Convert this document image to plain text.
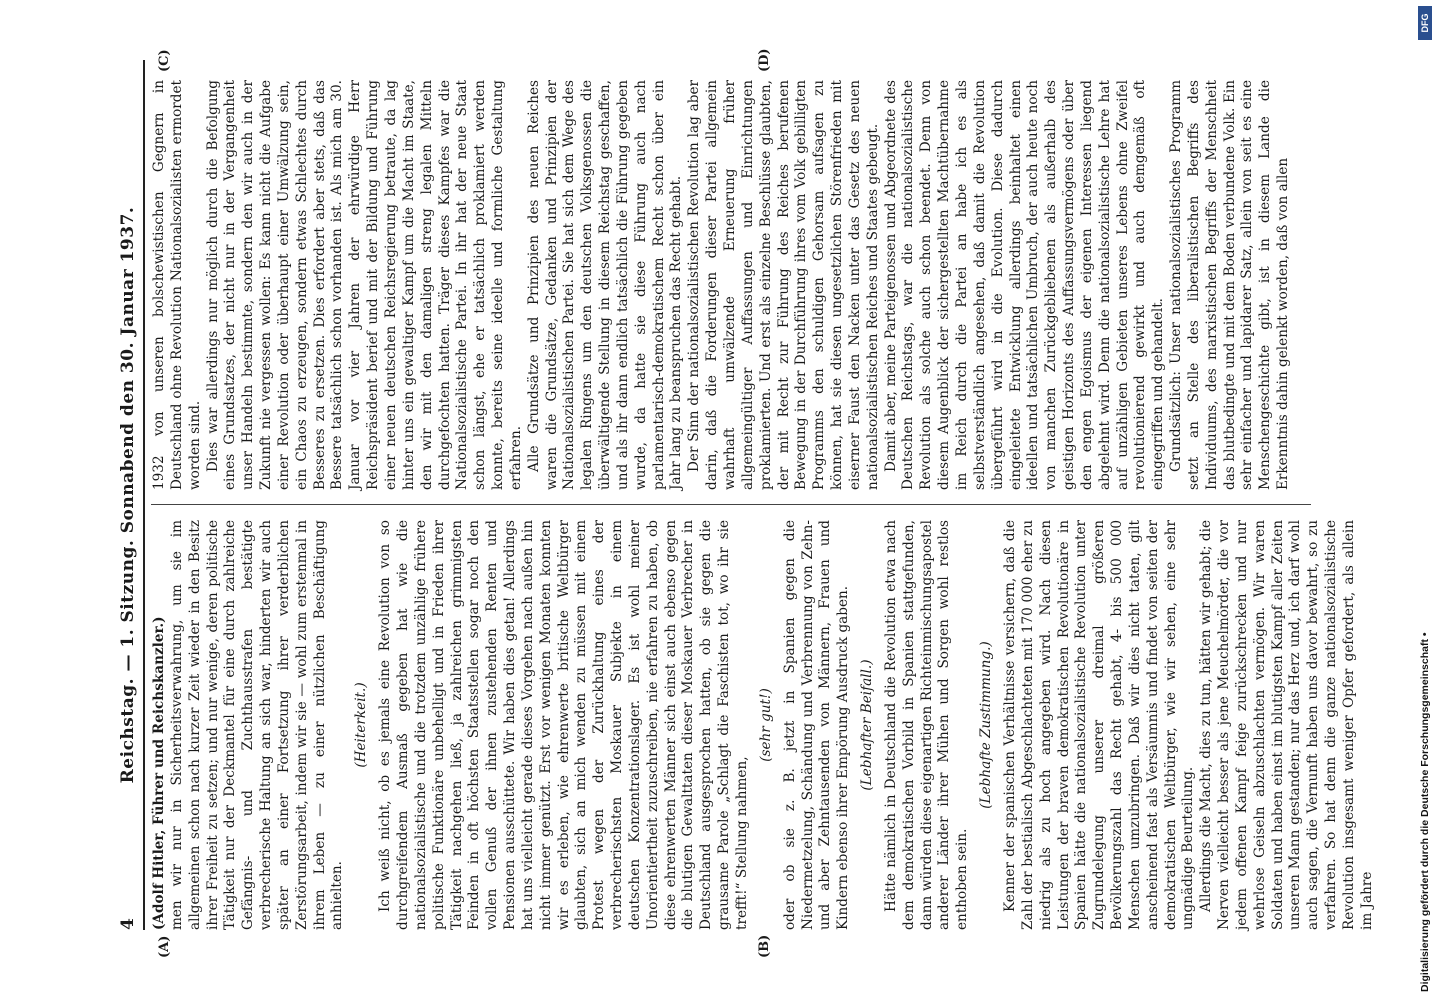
4
Reichstag. — 1. Sitzung. Sonnabend den 30. Januar 1937.
(A)	(B)
(C)	(D)

(Adolf Hitler, Führer und Reichskanzler.) men wir nur in Sicherheitsverwahrung, um sie im allgemeinen schon nach kurzer Zeit wieder in den Besitz ihrer Freiheit zu setzen; und nur wenige, deren politische Tätigkeit nur der Deckmantel für eine durch zahlreiche Gefängnis- und Zuchthausstrafen bestätigte verbrecherische Haltung an sich war, hinderten wir auch später an einer Fortsetzung ihrer verderblichen Zerstörungsarbeit, indem wir sie — wohl zum erstenmal in ihrem Leben — zu einer nützlichen Beschäftigung anhielten.

(Heiterkeit.) Ich weiß nicht, ob es jemals eine Revolution von so durchgreifendem Ausmaß gegeben hat wie die nationalsozialistische und die trotzdem unzählige frühere politische Funktionäre unbehelligt und in Frieden ihrer Tätigkeit nachgehen ließ, ja zahlreichen grimmigsten Feinden in oft höchsten Staatsstellen sogar noch den vollen Genuß der ihnen zustehenden Renten und Pensionen ausschüttete. Wir haben dies getan! Allerdings hat uns vielleicht gerade dieses Vorgehen nach außen hin nicht immer genützt. Erst vor wenigen Monaten konnten wir es erleben, wie ehrenwerte britische Weltbürger glaubten, sich an mich wenden zu müssen mit einem Protest wegen der Zurückhaltung eines der verbrecherischsten Moskauer Subjekte in einem deutschen Konzentrationslager. Es ist wohl meiner Unorientiertheit zuzuschreiben, nie erfahren zu haben, ob diese ehrenwerten Männer sich einst auch ebenso gegen die blutigen Gewalttaten dieser Moskauer Verbrecher in Deutschland ausgesprochen hatten, ob sie gegen die grausame Parole „Schlagt die Faschisten tot, wo ihr sie trefft!“ Stellung nahmen,

(sehr gut!) oder ob sie z. B. jetzt in Spanien gegen die Niedermetzelung, Schändung und Verbrennung von Zehn- und aber Zehntausenden von Männern, Frauen und Kindern ebenso ihrer Empörung Ausdruck gaben. (Lebhafter Beifall.) Hätte nämlich in Deutschland die Revolution etwa nach dem demokratischen Vorbild in Spanien stattgefunden, dann würden diese eigenartigen Richteinmischungsapostel anderer Länder ihrer Mühen und Sorgen wohl restlos enthoben sein.

(Lebhafte Zustimmung.) Kenner der spanischen Verhältnisse versichern, daß die Zahl der bestialisch Abgeschlachteten mit 170 000 eher zu niedrig als zu hoch angegeben wird. Nach diesen Leistungen der braven demokratischen Revolutionäre in Spanien hätte die nationalsozialistische Revolution unter Zugrundelegung unserer dreimal größeren Bevölkerungszahl das Recht gehabt, 4- bis 500 000 Menschen umzubringen. Daß wir dies nicht taten, gilt anscheinend fast als Versäumnis und findet von seiten der demokratischen Weltbürger, wie wir sehen, eine sehr ungnädige Beurteilung. Allerdings die Macht, dies zu tun, hätten wir gehabt; die Nerven vielleicht besser als jene Meuchelmörder, die vor jedem offenen Kampf feige zurückschrecken und nur wehrlose Geiseln abzuschlachten vermögen. Wir waren Soldaten und haben einst im blutigsten Kampf aller Zeiten unseren Mann gestanden; nur das Herz und, ich darf wohl auch sagen, die Vernunft haben uns davor bewahrt, so zu verfahren. So hat denn die ganze nationalsozialistische Revolution insgesamt weniger Opfer gefordert, als allein im Jahre

1932 von unseren bolschewistischen Gegnern in Deutschland ohne Revolution Nationalsozialisten ermordet worden sind. Dies war allerdings nur möglich durch die Befolgung eines Grundsatzes, der nicht nur in der Vergangenheit unser Handeln bestimmte, sondern den wir auch in der Zukunft nie vergessen wollen: Es kann nicht die Aufgabe einer Revolution oder überhaupt einer Umwälzung sein, ein Chaos zu erzeugen, sondern etwas Schlechtes durch Besseres zu ersetzen. Dies erfordert aber stets, daß das Bessere tatsächlich schon vorhanden ist. Als mich am 30. Januar vor vier Jahren der ehrwürdige Herr Reichspräsident berief und mit der Bildung und Führung einer neuen deutschen Reichsregierung betraute, da lag hinter uns ein gewaltiger Kampf um die Macht im Staate, den wir mit den damaligen streng legalen Mitteln durchgefochten hatten. Träger dieses Kampfes war die Nationalsozialistische Partei. In ihr hat der neue Staat schon längst, ehe er tatsächlich proklamiert werden konnte, bereits seine ideelle und formliche Gestaltung erfahren. Alle Grundsätze und Prinzipien des neuen Reiches waren die Grundsätze, Gedanken und Prinzipien der Nationalsozialistischen Partei. Sie hat sich dem Wege des legalen Ringens um den deutschen Volksgenossen die überwältigende Stellung in diesem Reichstag geschaffen, und als ihr dann endlich tatsächlich die Führung gegeben wurde, da hatte sie diese Führung auch nach parlamentarisch-demokratischem Recht schon über ein Jahr lang zu beanspruchen das Recht gehabt. Der Sinn der nationalsozialistischen Revolution lag aber darin, daß die Forderungen dieser Partei allgemein wahrhaft umwälzende Erneuerung früher allgemeingültiger Auffassungen und Einrichtungen proklamierten. Und erst als einzelne Beschlüsse glaubten, der mit Recht zur Führung des Reiches berufenen Bewegung in der Durchführung ihres vom Volk gebilligten Programms den schuldigen Gehorsam aufsagen zu können, hat sie diesen ungesetzlichen Störenfrieden mit eiserner Faust den Nacken unter das Gesetz des neuen nationalsozialistischen Reiches und Staates gebeugt. Damit aber, meine Parteigenossen und Abgeordnete des Deutschen Reichstags, war die nationalsozialistische Revolution als solche auch schon beendet. Denn von diesem Augenblick der sichergestellten Machtübernahme im Reich durch die Partei an habe ich es als selbstverständlich angesehen, daß damit die Revolution übergeführt wird in die Evolution. Diese dadurch eingeleitete Entwicklung allerdings beinhaltet einen ideellen und tatsächlichen Umbruch, der auch heute noch von manchen Zurückgebliebenen als außerhalb des geistigen Horizonts des Auffassungsvermögens oder über den engen Egoismus der eigenen Interessen liegend abgelehnt wird. Denn die nationalsozialistische Lehre hat auf unzähligen Gebieten unseres Lebens ohne Zweifel revolutionierend gewirkt und auch demgemäß oft eingegriffen und gehandelt. Grundsätzlich: Unser nationalsozialistisches Programm setzt an Stelle des liberalistischen Begriffs des Individuums, des marxistischen Begriffs der Menschheit das blutbedingte und mit dem Boden verbundene Volk. Ein sehr einfacher und lapidarer Satz, allein von seit es eine Menschengeschichte gibt, ist in diesem Lande die Erkenntnis dahin gelenkt worden, daß von allen

Digitalisierung gefördert durch die Deutsche Forschungsgemeinschaft •
DFG
